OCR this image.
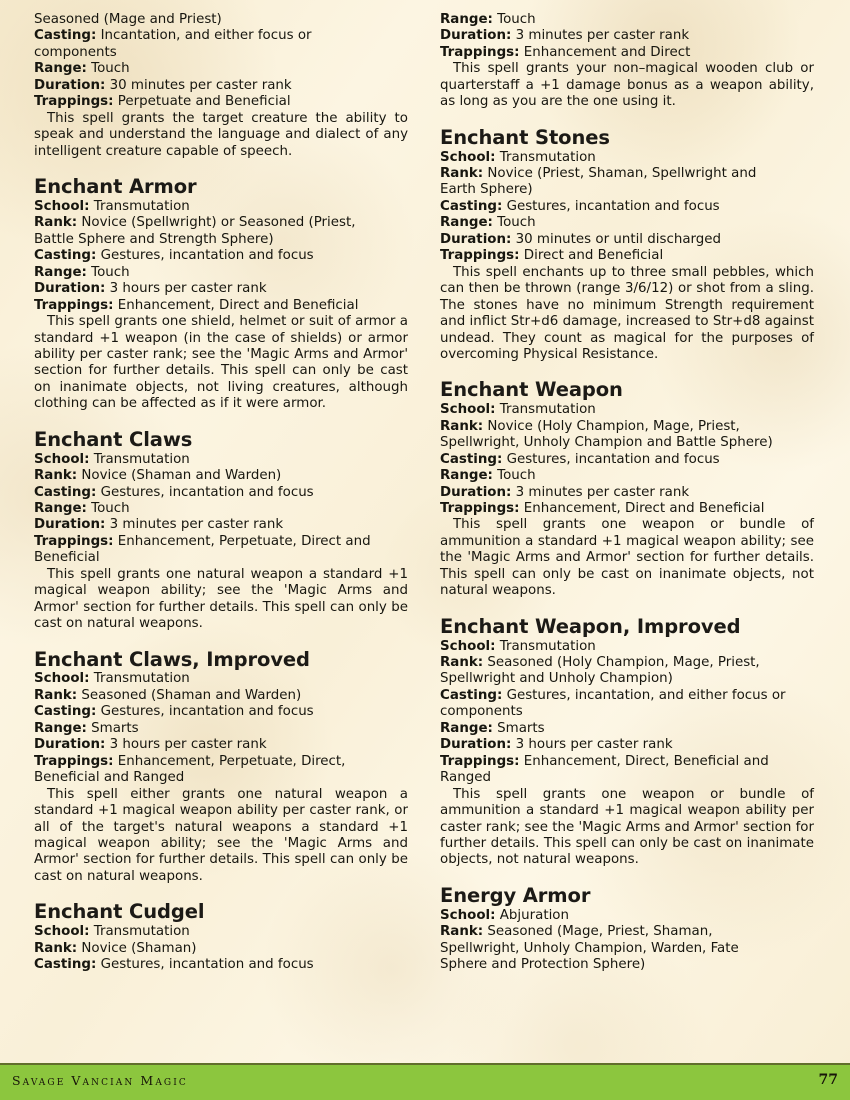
Seasoned (Mage and Priest)

Casting: Incantation, and either focus or

components

Range: Touch

Duration: 30 minutes per caster rank

Trappings: Perpetuate and Beneficial

This spell grants the target creature the ability to speak and understand the language and dialect of any intelligent creature capable of speech.

Enchant Armor

School: Transmutation

Rank: Novice (Spellwright) or Seasoned (Priest,

Battle Sphere and Strength Sphere)

Casting: Gestures, incantation and focus

Range: Touch

Duration: 3 hours per caster rank

Trappings: Enhancement, Direct and Beneficial

This spell grants one shield, helmet or suit of armor a standard +1 weapon (in the case of shields) or armor ability per caster rank; see the 'Magic Arms and Armor' section for further details. This spell can only be cast on inanimate objects, not living creatures, although clothing can be affected as if it were armor.

Enchant Claws

School: Transmutation

Rank: Novice (Shaman and Warden)

Casting: Gestures, incantation and focus

Range: Touch

Duration: 3 minutes per caster rank

Trappings: Enhancement, Perpetuate, Direct and

Beneficial

This spell grants one natural weapon a standard +1 magical weapon ability; see the 'Magic Arms and Armor' section for further details. This spell can only be cast on natural weapons.

Enchant Claws, Improved

School: Transmutation

Rank: Seasoned (Shaman and Warden)

Casting: Gestures, incantation and focus

Range: Smarts

Duration: 3 hours per caster rank

Trappings: Enhancement, Perpetuate, Direct,

Beneficial and Ranged

This spell either grants one natural weapon a standard +1 magical weapon ability per caster rank, or all of the target's natural weapons a standard +1 magical weapon ability; see the 'Magic Arms and Armor' section for further details. This spell can only be cast on natural weapons.

Enchant Cudgel

School: Transmutation

Rank: Novice (Shaman)

Casting: Gestures, incantation and focus

Range: Touch

Duration: 3 minutes per caster rank

Trappings: Enhancement and Direct

This spell grants your non–magical wooden club or quarterstaff a +1 damage bonus as a weapon ability, as long as you are the one using it.

Enchant Stones

School: Transmutation

Rank: Novice (Priest, Shaman, Spellwright and

Earth Sphere)

Casting: Gestures, incantation and focus

Range: Touch

Duration: 30 minutes or until discharged

Trappings: Direct and Beneficial

This spell enchants up to three small pebbles, which can then be thrown (range 3/6/12) or shot from a sling. The stones have no minimum Strength requirement and inflict Str+d6 damage, increased to Str+d8 against undead. They count as magical for the purposes of overcoming Physical Resistance.

Enchant Weapon

School: Transmutation

Rank: Novice (Holy Champion, Mage, Priest,

Spellwright, Unholy Champion and Battle Sphere)

Casting: Gestures, incantation and focus

Range: Touch

Duration: 3 minutes per caster rank

Trappings: Enhancement, Direct and Beneficial

This spell grants one weapon or bundle of ammunition a standard +1 magical weapon ability; see the 'Magic Arms and Armor' section for further details. This spell can only be cast on inanimate objects, not natural weapons.

Enchant Weapon, Improved

School: Transmutation

Rank: Seasoned (Holy Champion, Mage, Priest,

Spellwright and Unholy Champion)

Casting: Gestures, incantation, and either focus or

components

Range: Smarts

Duration: 3 hours per caster rank

Trappings: Enhancement, Direct, Beneficial and

Ranged

This spell grants one weapon or bundle of ammunition a standard +1 magical weapon ability per caster rank; see the 'Magic Arms and Armor' section for further details. This spell can only be cast on inanimate objects, not natural weapons.

Energy Armor

School: Abjuration

Rank: Seasoned (Mage, Priest, Shaman,

Spellwright, Unholy Champion, Warden, Fate

Sphere and Protection Sphere)

Savage Vancian Magic	77
